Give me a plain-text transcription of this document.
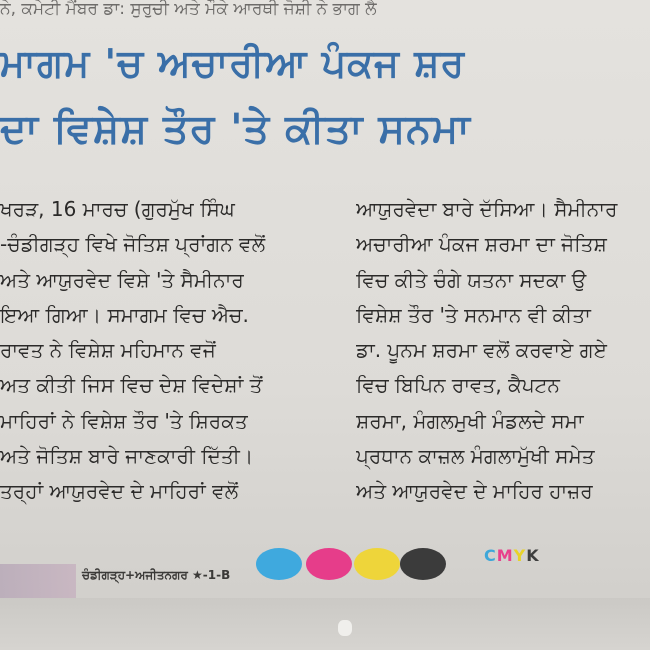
ਨੇ, ਕਮੇਟੀ ਮੈਂਬਰ ਡਾ: ਸੁਰੁਚੀ ਅਤੇ ਮੌਕੇ ਆਰਥੀ ਜੋਸ਼ੀ ਨੇ ਭਾਗ ਲੈ
ਮਾਗਮ 'ਚ ਅਚਾਰੀਆ ਪੰਕਜ ਸ਼ਰ
ਦਾ ਵਿਸ਼ੇਸ਼ ਤੌਰ 'ਤੇ ਕੀਤਾ ਸਨਮਾ

ਖਰੜ, 16 ਮਾਰਚ (ਗੁਰਮੁੱਖ ਸਿੰਘ

-ਚੰਡੀਗੜ੍ਹ ਵਿਖੇ ਜੋਤਿਸ਼ ਪ੍ਰਾਂਗਨ ਵਲੋਂ

ਅਤੇ ਆਯੁਰਵੇਦ ਵਿਸ਼ੇ 'ਤੇ ਸੈਮੀਨਾਰ

ਇਆ ਗਿਆ। ਸਮਾਗਮ ਵਿਚ ਐਚ.

ਰਾਵਤ ਨੇ ਵਿਸ਼ੇਸ਼ ਮਹਿਮਾਨ ਵਜੋਂ

ਅਤ ਕੀਤੀ ਜਿਸ ਵਿਚ ਦੇਸ਼ ਵਿਦੇਸ਼ਾਂ ਤੋਂ

ਮਾਹਿਰਾਂ ਨੇ ਵਿਸ਼ੇਸ਼ ਤੌਰ 'ਤੇ ਸ਼ਿਰਕਤ

ਅਤੇ ਜੋਤਿਸ਼ ਬਾਰੇ ਜਾਣਕਾਰੀ ਦਿੱਤੀ।

ਤਰ੍ਹਾਂ ਆਯੁਰਵੇਦ ਦੇ ਮਾਹਿਰਾਂ ਵਲੋਂ

ਆਯੁਰਵੇਦਾ ਬਾਰੇ ਦੱਸਿਆ। ਸੈਮੀਨਾਰ

ਅਚਾਰੀਆ ਪੰਕਜ ਸ਼ਰਮਾ ਦਾ ਜੋਤਿਸ਼

ਵਿਚ ਕੀਤੇ ਚੰਗੇ ਯਤਨਾ ਸਦਕਾ ਉ

ਵਿਸ਼ੇਸ਼ ਤੌਰ 'ਤੇ ਸਨਮਾਨ ਵੀ ਕੀਤਾ

ਡਾ. ਪੂਨਮ ਸ਼ਰਮਾ ਵਲੋਂ ਕਰਵਾਏ ਗਏ

ਵਿਚ ਬਿਪਿਨ ਰਾਵਤ, ਕੈਪਟਨ

ਸ਼ਰਮਾ, ਮੰਗਲਮੁਖੀ ਮੰਡਲਦੇ ਸਮਾ

ਪ੍ਰਧਾਨ ਕਾਜ਼ਲ ਮੰਗਲਾਮੁੱਖੀ ਸਮੇਤ

ਅਤੇ ਆਯੁਰਵੇਦ ਦੇ ਮਾਹਿਰ ਹਾਜ਼ਰ

ਚੰਡੀਗੜ੍ਹ+ਅਜੀਤਨਗਰ ★-1-B
CMYK
